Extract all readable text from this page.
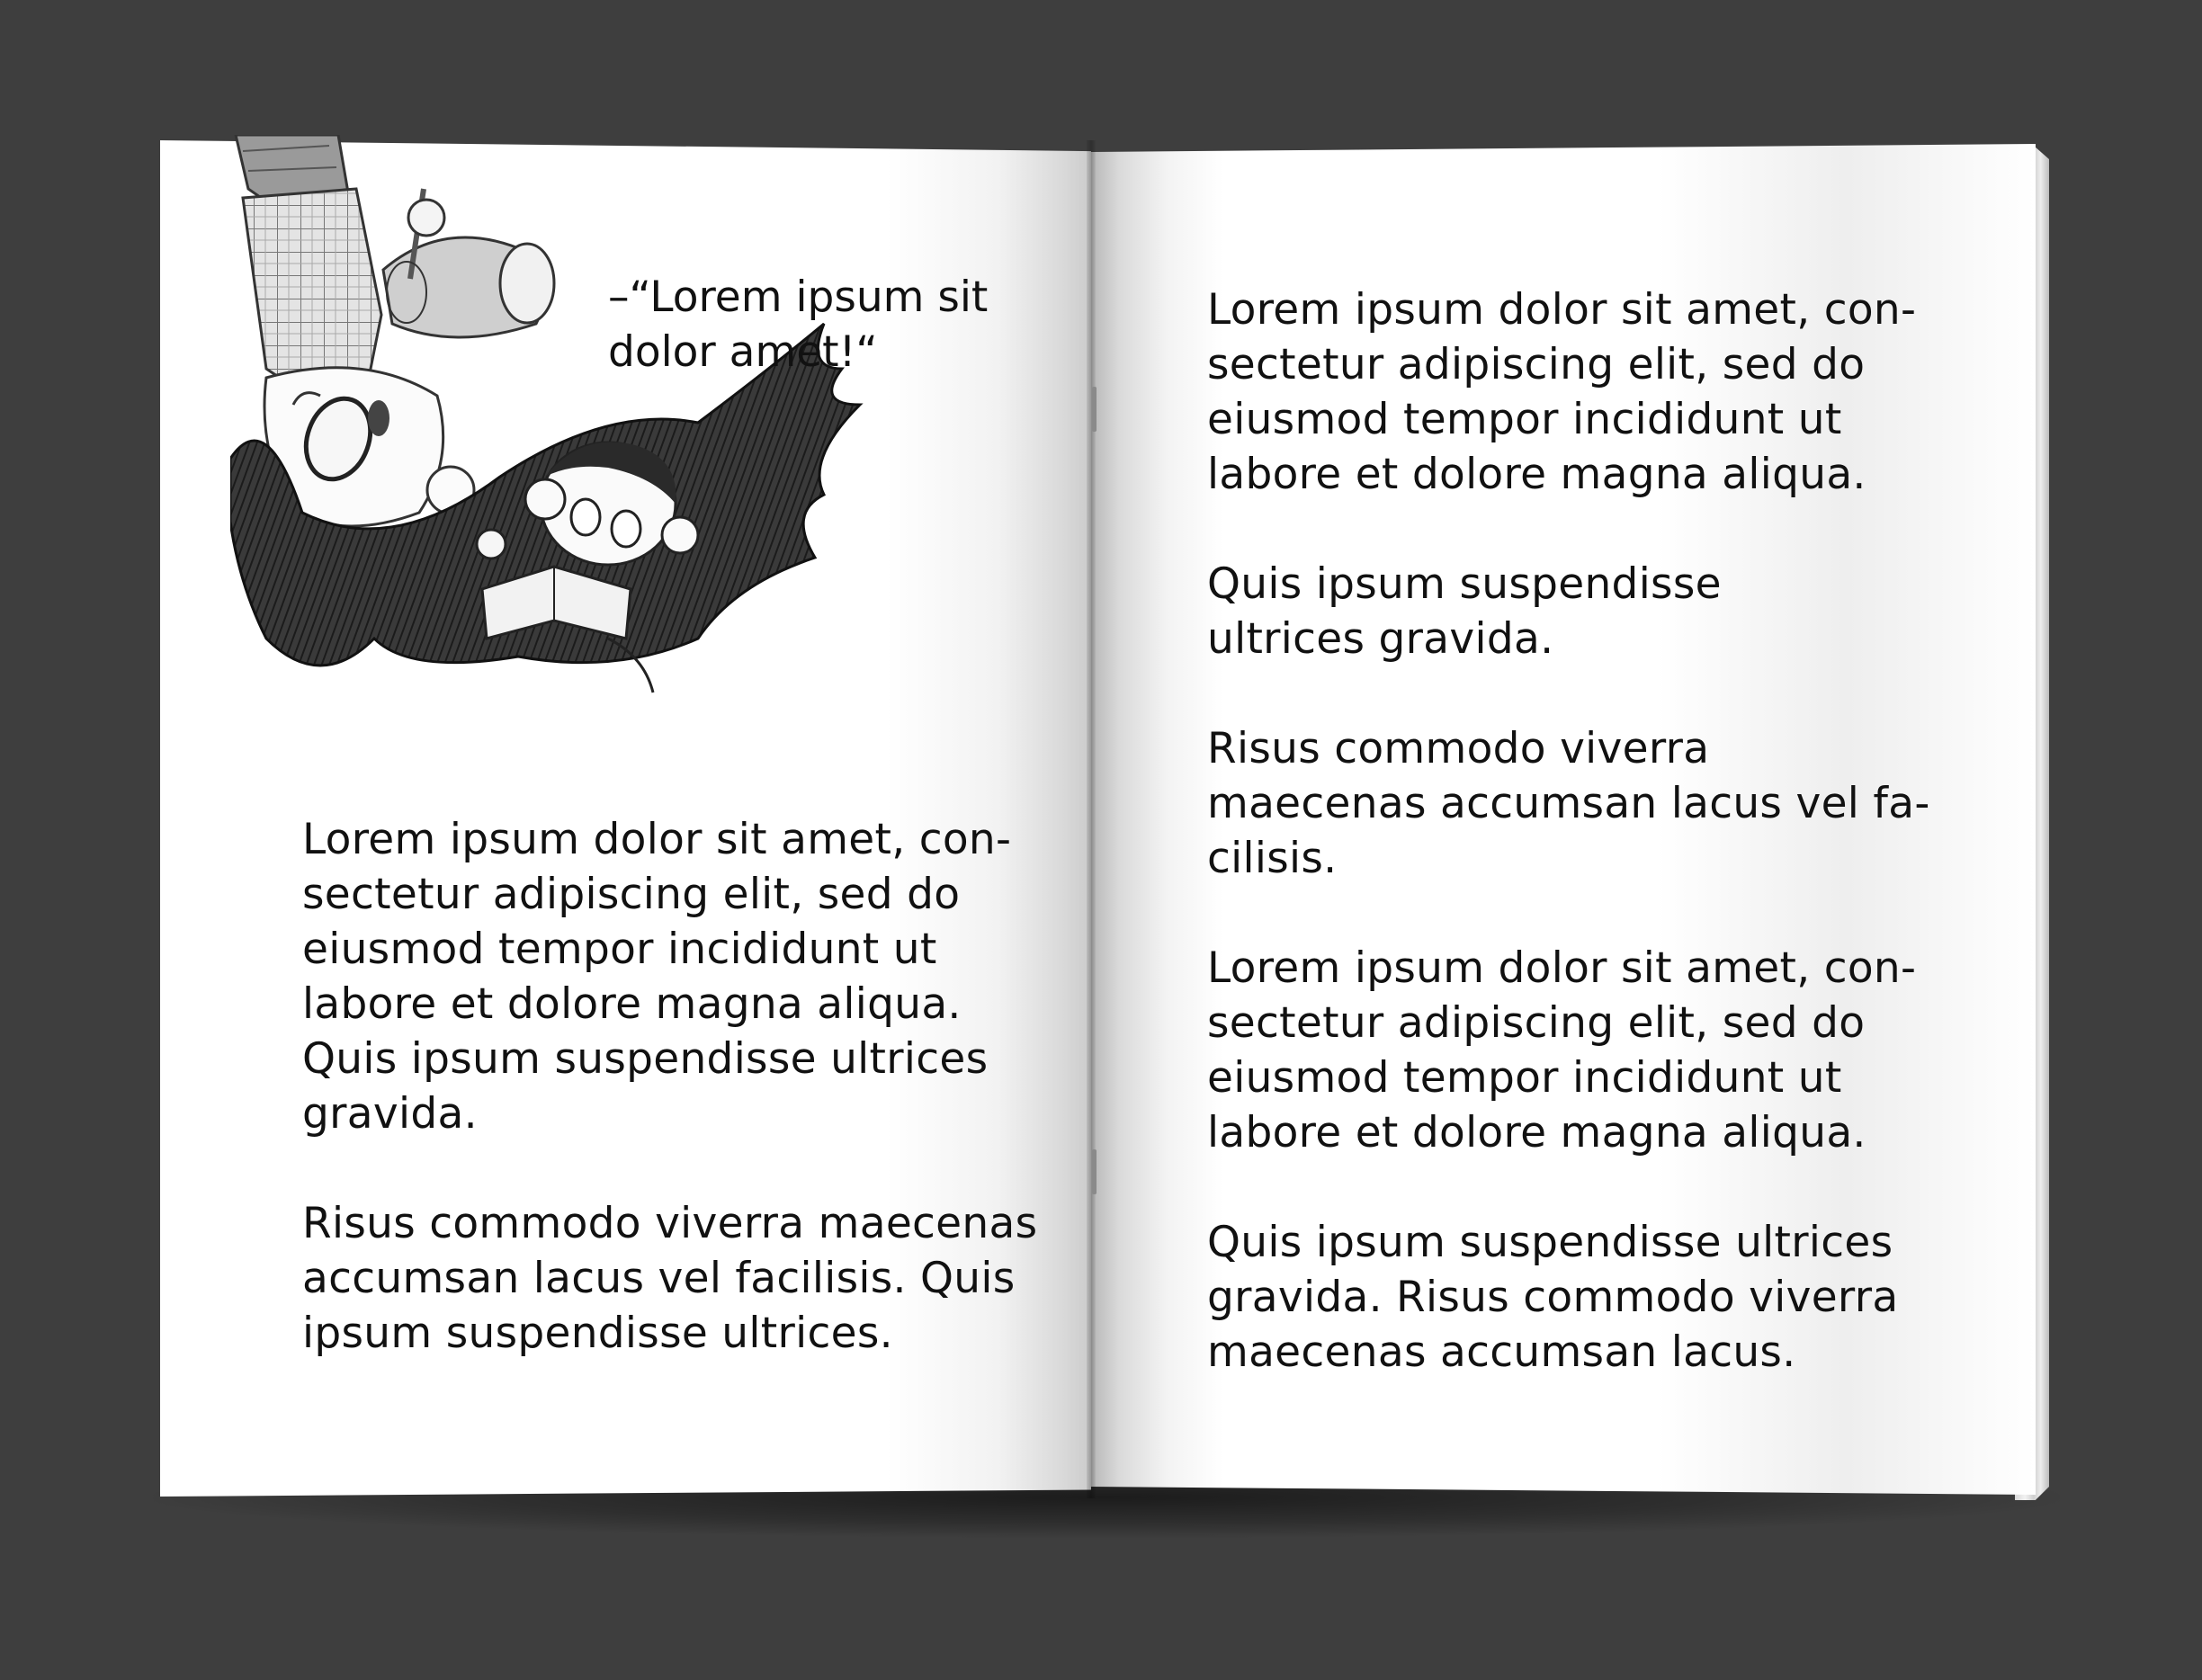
–“Lorem ipsum sit
dolor amet!“

Lorem ipsum dolor sit amet, con-
sectetur adipiscing elit, sed do
eiusmod tempor incididunt ut
labore et dolore magna aliqua.
Quis ipsum suspendisse ultrices
gravida.

Risus commodo viverra maecenas
accumsan lacus vel facilisis. Quis
ipsum suspendisse ultrices.

Lorem ipsum dolor sit amet, con-
sectetur adipiscing elit, sed do
eiusmod tempor incididunt ut
labore et dolore magna aliqua.

Quis ipsum suspendisse
ultrices gravida.

Risus commodo viverra
maecenas accumsan lacus vel fa-
cilisis.

Lorem ipsum dolor sit amet, con-
sectetur adipiscing elit, sed do
eiusmod tempor incididunt ut
labore et dolore magna aliqua.

Quis ipsum suspendisse ultrices
gravida. Risus commodo viverra
maecenas accumsan lacus.
